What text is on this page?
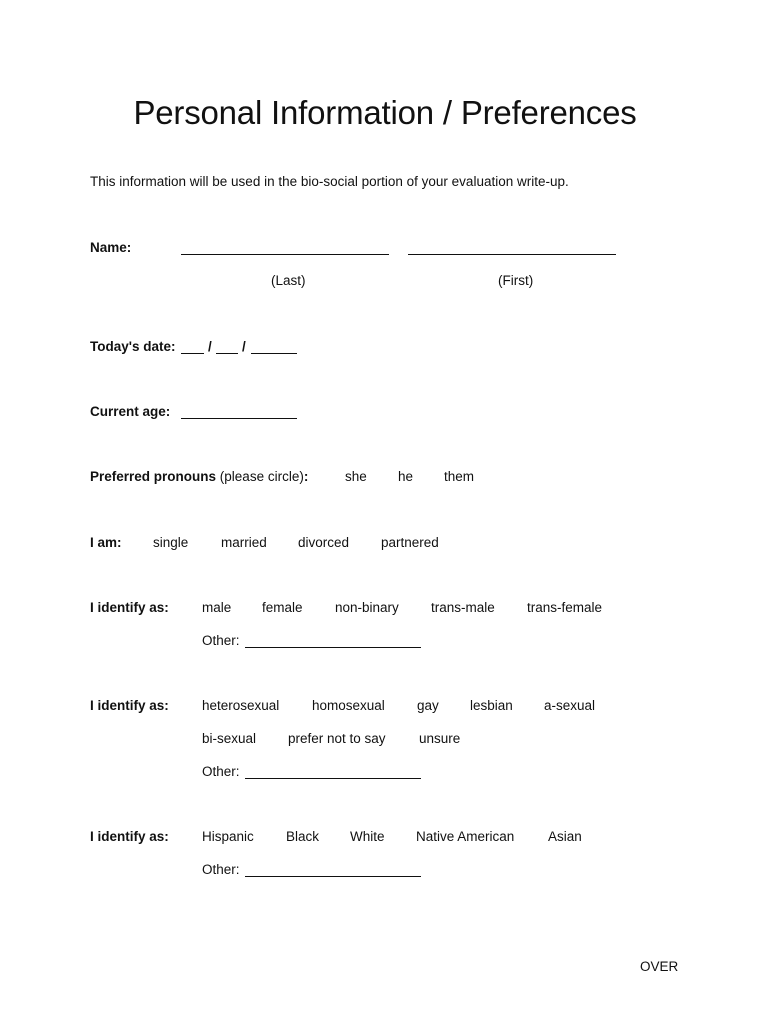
Personal Information / Preferences
This information will be used in the bio-social portion of your evaluation write-up.
Name:
(Last)	(First)
Today's date: / /
Current age:
Preferred pronouns (please circle):	she he them
I am: single married divorced partnered
I identify as: male female non-binary trans-male trans-female
Other:
I identify as: heterosexual homosexual gay lesbian a-sexual
bi-sexual prefer not to say unsure
Other:
I identify as: Hispanic Black White Native American Asian
Other:
OVER
